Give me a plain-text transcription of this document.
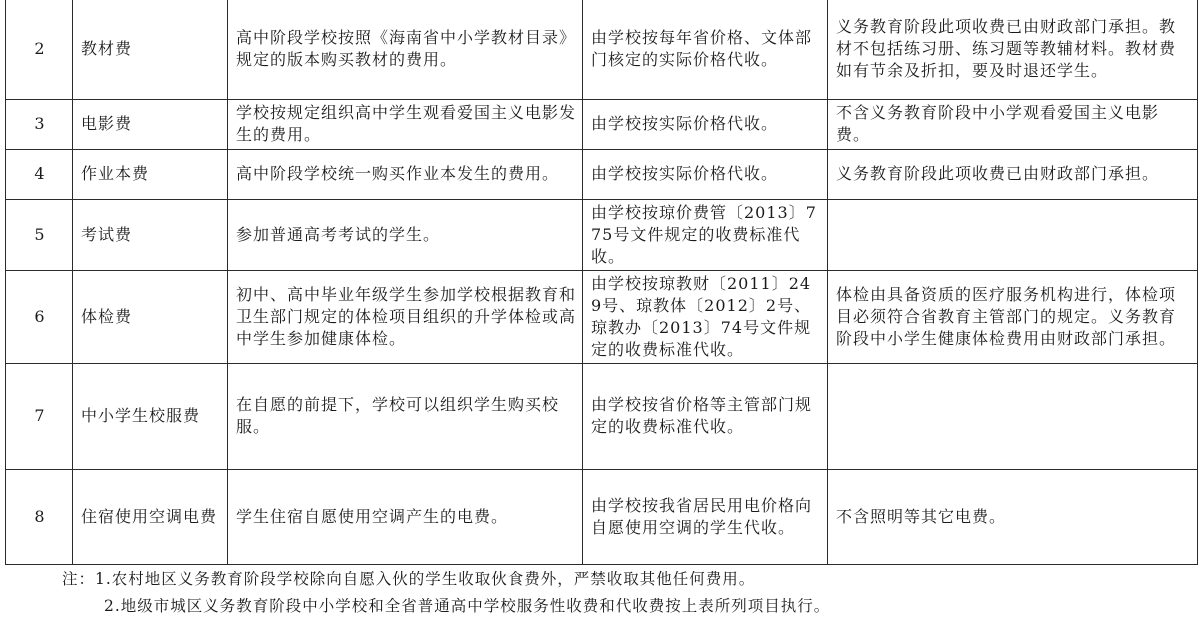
2	教材费	高中阶段学校按照《海南省中小学教材目录》规定的版本购买教材的费用。	由学校按每年省价格、文体部门核定的实际价格代收。	义务教育阶段此项收费已由财政部门承担。教材不包括练习册、练习题等教辅材料。教材费如有节余及折扣，要及时退还学生。
3	电影费	学校按规定组织高中学生观看爱国主义电影发生的费用。	由学校按实际价格代收。	不含义务教育阶段中小学观看爱国主义电影费。
4	作业本费	高中阶段学校统一购买作业本发生的费用。	由学校按实际价格代收。	义务教育阶段此项收费已由财政部门承担。
5	考试费	参加普通高考考试的学生。	由学校按琼价费管〔2013〕775号文件规定的收费标准代收。	
6	体检费	初中、高中毕业年级学生参加学校根据教育和卫生部门规定的体检项目组织的升学体检或高中学生参加健康体检。	由学校按琼教财〔2011〕249号、琼教体〔2012〕2号、琼教办〔2013〕74号文件规定的收费标准代收。	体检由具备资质的医疗服务机构进行，体检项目必须符合省教育主管部门的规定。义务教育阶段中小学生健康体检费用由财政部门承担。
7	中小学生校服费	在自愿的前提下，学校可以组织学生购买校服。	由学校按省价格等主管部门规定的收费标准代收。	
8	住宿使用空调电费	学生住宿自愿使用空调产生的电费。	由学校按我省居民用电价格向自愿使用空调的学生代收。	不含照明等其它电费。
注：1.农村地区义务教育阶段学校除向自愿入伙的学生收取伙食费外，严禁收取其他任何费用。
2.地级市城区义务教育阶段中小学校和全省普通高中学校服务性收费和代收费按上表所列项目执行。
